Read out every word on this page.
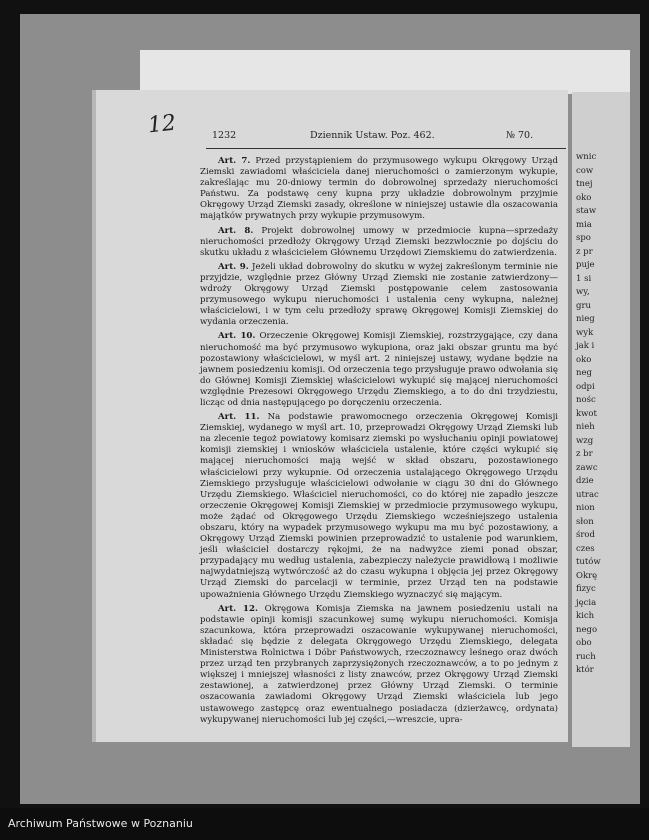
1232	Dziennik Ustaw. Poz. 462.	№ 70.

Art. 7. Przed przystąpieniem do przymusowego wykupu Okręgowy Urząd Ziemski zawiadomi właściciela danej nieruchomości o zamierzonym wykupie, zakreślając mu 20-dniowy termin do dobrowolnej sprzedaży nieruchomości Państwu. Za podstawę ceny kupna przy układzie dobrowolnym przyjmie Okręgowy Urząd Ziemski zasady, określone w niniejszej ustawie dla oszacowania majątków prywatnych przy wykupie przymusowym.

Art. 8. Projekt dobrowolnej umowy w przedmiocie kupna—sprzedaży nieruchomości przedłoży Okręgowy Urząd Ziemski bezzwłocznie po dojściu do skutku układu z właścicielem Głównemu Urzędowi Ziemskiemu do zatwierdzenia.

Art. 9. Jeżeli układ dobrowolny do skutku w wyżej zakreślonym terminie nie przyjdzie, względnie przez Główny Urząd Ziemski nie zostanie zatwierdzony—wdroży Okręgowy Urząd Ziemski postępowanie celem zastosowania przymusowego wykupu nieruchomości i ustalenia ceny wykupna, należnej właścicielowi, i w tym celu przedłoży sprawę Okręgowej Komisji Ziemskiej do wydania orzeczenia.

Art. 10. Orzeczenie Okręgowej Komisji Ziemskiej, rozstrzygające, czy dana nieruchomość ma być przymusowo wykupiona, oraz jaki obszar gruntu ma być pozostawiony właścicielowi, w myśl art. 2 niniejszej ustawy, wydane będzie na jawnem posiedzeniu komisji. Od orzeczenia tego przysługuje prawo odwołania się do Głównej Komisji Ziemskiej właścicielowi wykupić się mającej nieruchomości względnie Prezesowi Okręgowego Urzędu Ziemskiego, a to do dni trzydziestu, licząc od dnia następującego po doręczeniu orzeczenia.

Art. 11. Na podstawie prawomocnego orzeczenia Okręgowej Komisji Ziemskiej, wydanego w myśl art. 10, przeprowadzi Okręgowy Urząd Ziemski lub na zlecenie tegoż powiatowy komisarz ziemski po wysłuchaniu opinji powiatowej komisji ziemskiej i wniosków właściciela ustalenie, które części wykupić się mającej nieruchomości mają wejść w skład obszaru, pozostawionego właścicielowi przy wykupnie. Od orzeczenia ustalającego Okręgowego Urzędu Ziemskiego przysługuje właścicielowi odwołanie w ciągu 30 dni do Głównego Urzędu Ziemskiego. Właściciel nieruchomości, co do której nie zapadło jeszcze orzeczenie Okręgowej Komisji Ziemskiej w przedmiocie przymusowego wykupu, może żądać od Okręgowego Urzędu Ziemskiego wcześniejszego ustalenia obszaru, który na wypadek przymusowego wykupu ma mu być pozostawiony, a Okręgowy Urząd Ziemski powinien przeprowadzić to ustalenie pod warunkiem, jeśli właściciel dostarczy rękojmi, że na nadwyżce ziemi ponad obszar, przypadający mu według ustalenia, zabezpieczy należycie prawidłową i możliwie najwydatniejszą wytwórczość aż do czasu wykupna i objęcia jej przez Okręgowy Urząd Ziemski do parcelacji w terminie, przez Urząd ten na podstawie upoważnienia Głównego Urzędu Ziemskiego wyznaczyć się mającym.

Art. 12. Okręgowa Komisja Ziemska na jawnem posiedzeniu ustali na podstawie opinji komisji szacunkowej sumę wykupu nieruchomości. Komisja szacunkowa, która przeprowadzi oszacowanie wykupywanej nieruchomości, składać się będzie z delegata Okręgowego Urzędu Ziemskiego, delegata Ministerstwa Rolnictwa i Dóbr Państwowych, rzeczoznawcy leśnego oraz dwóch przez urząd ten przybranych zaprzysiężonych rzeczoznawców, a to po jednym z większej i mniejszej własności z listy znawców, przez Okręgowy Urząd Ziemski zestawionej, a zatwierdzonej przez Główny Urząd Ziemski. O terminie oszacowania zawiadomi Okręgowy Urząd Ziemski właściciela lub jego ustawowego zastępcę oraz ewentualnego posiadacza (dzierżawcę, ordynata) wykupywanej nieruchomości lub jej części,—wreszcie, upra-

12
wnic
cow
tnej
oko
staw
mia
spo
z pr
puje
1 si
wy,
gru
nieg
wyk
jak i
oko
neg
odpi
nośc
kwot
nieh
wzg
z br
zawc
dzie
utrac
nion
słon
środ
czes
tutów
Okrę
fizyc
jęcia
kich
nego
obo
ruch
któr
Archiwum Państwowe w Poznaniu
